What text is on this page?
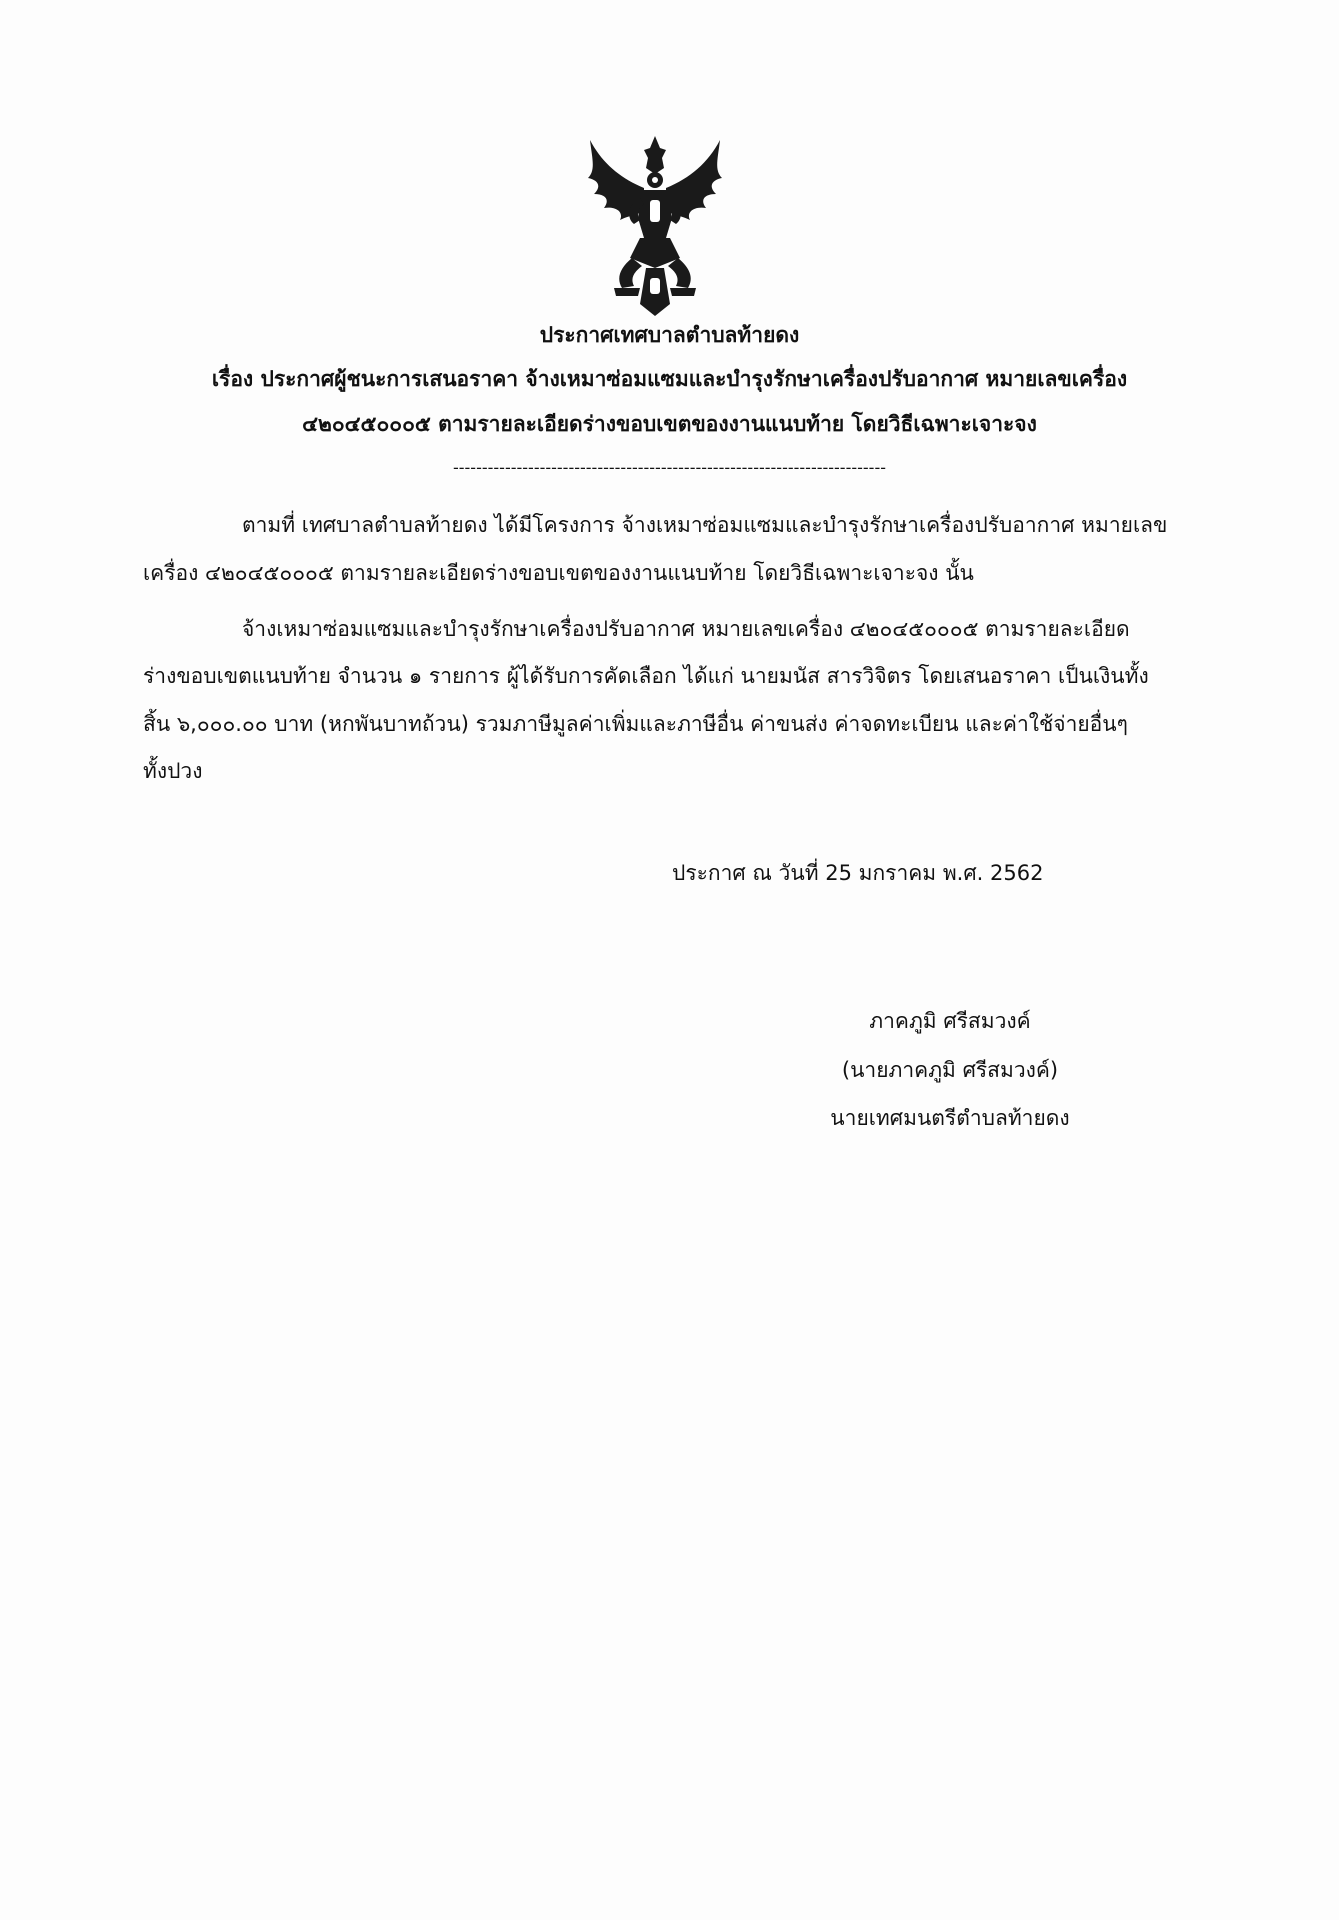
ประกาศเทศบาลตำบลท้ายดง
เรื่อง ประกาศผู้ชนะการเสนอราคา จ้างเหมาซ่อมแซมและบำรุงรักษาเครื่องปรับอากาศ หมายเลขเครื่อง
๔๒๐๔๕๐๐๐๕ ตามรายละเอียดร่างขอบเขตของงานแนบท้าย โดยวิธีเฉพาะเจาะจง
---------------------------------------------------------------------------
ตามที่ เทศบาลตำบลท้ายดง ได้มีโครงการ จ้างเหมาซ่อมแซมและบำรุงรักษาเครื่องปรับอากาศ หมายเลข
เครื่อง ๔๒๐๔๕๐๐๐๕ ตามรายละเอียดร่างขอบเขตของงานแนบท้าย โดยวิธีเฉพาะเจาะจง นั้น
จ้างเหมาซ่อมแซมและบำรุงรักษาเครื่องปรับอากาศ หมายเลขเครื่อง ๔๒๐๔๕๐๐๐๕ ตามรายละเอียด
ร่างขอบเขตแนบท้าย จำนวน ๑ รายการ ผู้ได้รับการคัดเลือก ได้แก่ นายมนัส สารวิจิตร โดยเสนอราคา เป็นเงินทั้ง
สิ้น ๖,๐๐๐.๐๐ บาท (หกพันบาทถ้วน) รวมภาษีมูลค่าเพิ่มและภาษีอื่น ค่าขนส่ง ค่าจดทะเบียน และค่าใช้จ่ายอื่นๆ
ทั้งปวง
ประกาศ ณ วันที่ 25 มกราคม พ.ศ. 2562
ภาคภูมิ ศรีสมวงค์
(นายภาคภูมิ ศรีสมวงค์)
นายเทศมนตรีตำบลท้ายดง
